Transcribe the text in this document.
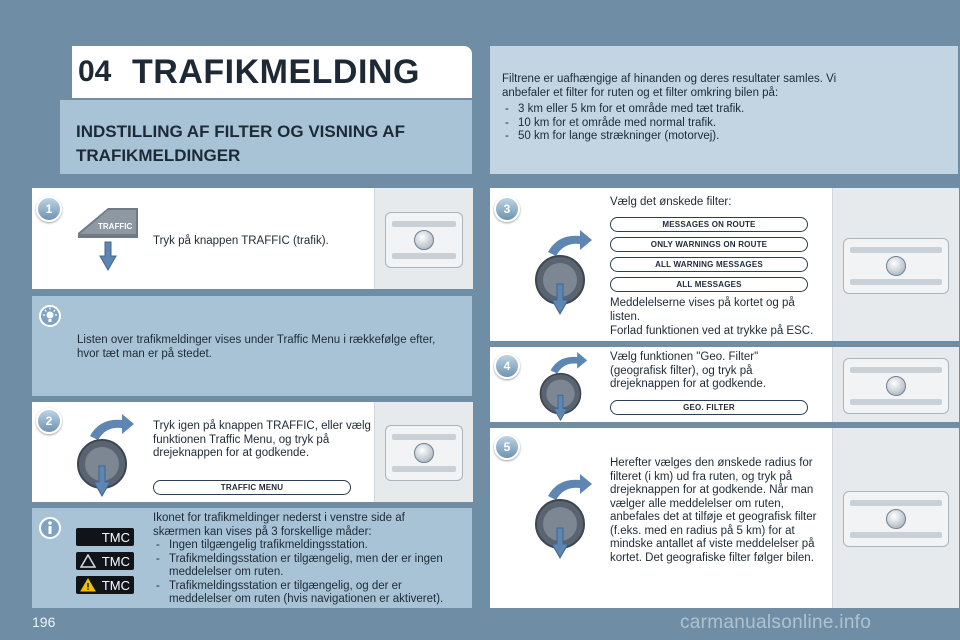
04 TRAFIKMELDING
INDSTILLING AF FILTER OG VISNING AF TRAFIKMELDINGER
Filtrene er uafhængige af hinanden og deres resultater samles. Vi anbefaler et filter for ruten og et filter omkring bilen på:
- 3 km eller 5 km for et område med tæt trafik.
- 10 km for et område med normal trafik.
- 50 km for lange strækninger (motorvej).
1
TRAFFIC
Tryk på knappen TRAFFIC (trafik).
Listen over trafikmeldinger vises under Traffic Menu i rækkefølge efter, hvor tæt man er på stedet.
2	Tryk igen på knappen TRAFFIC, eller vælg funktionen Traffic Menu, og tryk på drejeknappen for at godkende.
TRAFFIC MENU
TMC
TMC
TMC
Ikonet for trafikmeldinger nederst i venstre side af skærmen kan vises på 3 forskellige måder:
- Ingen tilgængelig trafikmeldingsstation.
- Trafikmeldingsstation er tilgængelig, men der er ingen meddelelser om ruten.
- Trafikmeldingsstation er tilgængelig, og der er meddelelser om ruten (hvis navigationen er aktiveret).
3	Vælg det ønskede filter:
MESSAGES ON ROUTE
ONLY WARNINGS ON ROUTE
ALL WARNING MESSAGES
ALL MESSAGES
Meddelelserne vises på kortet og på listen.
Forlad funktionen ved at trykke på ESC.
4
Vælg funktionen "Geo. Filter" (geografisk filter), og tryk på drejeknappen for at godkende.
GEO. FILTER
5
Herefter vælges den ønskede radius for filteret (i km) ud fra ruten, og tryk på drejeknappen for at godkende. Når man vælger alle meddelelser om ruten, anbefales det at tilføje et geografisk filter (f.eks. med en radius på 5 km) for at mindske antallet af viste meddelelser på kortet. Det geografiske filter følger bilen.
196	carmanualsonline.info
